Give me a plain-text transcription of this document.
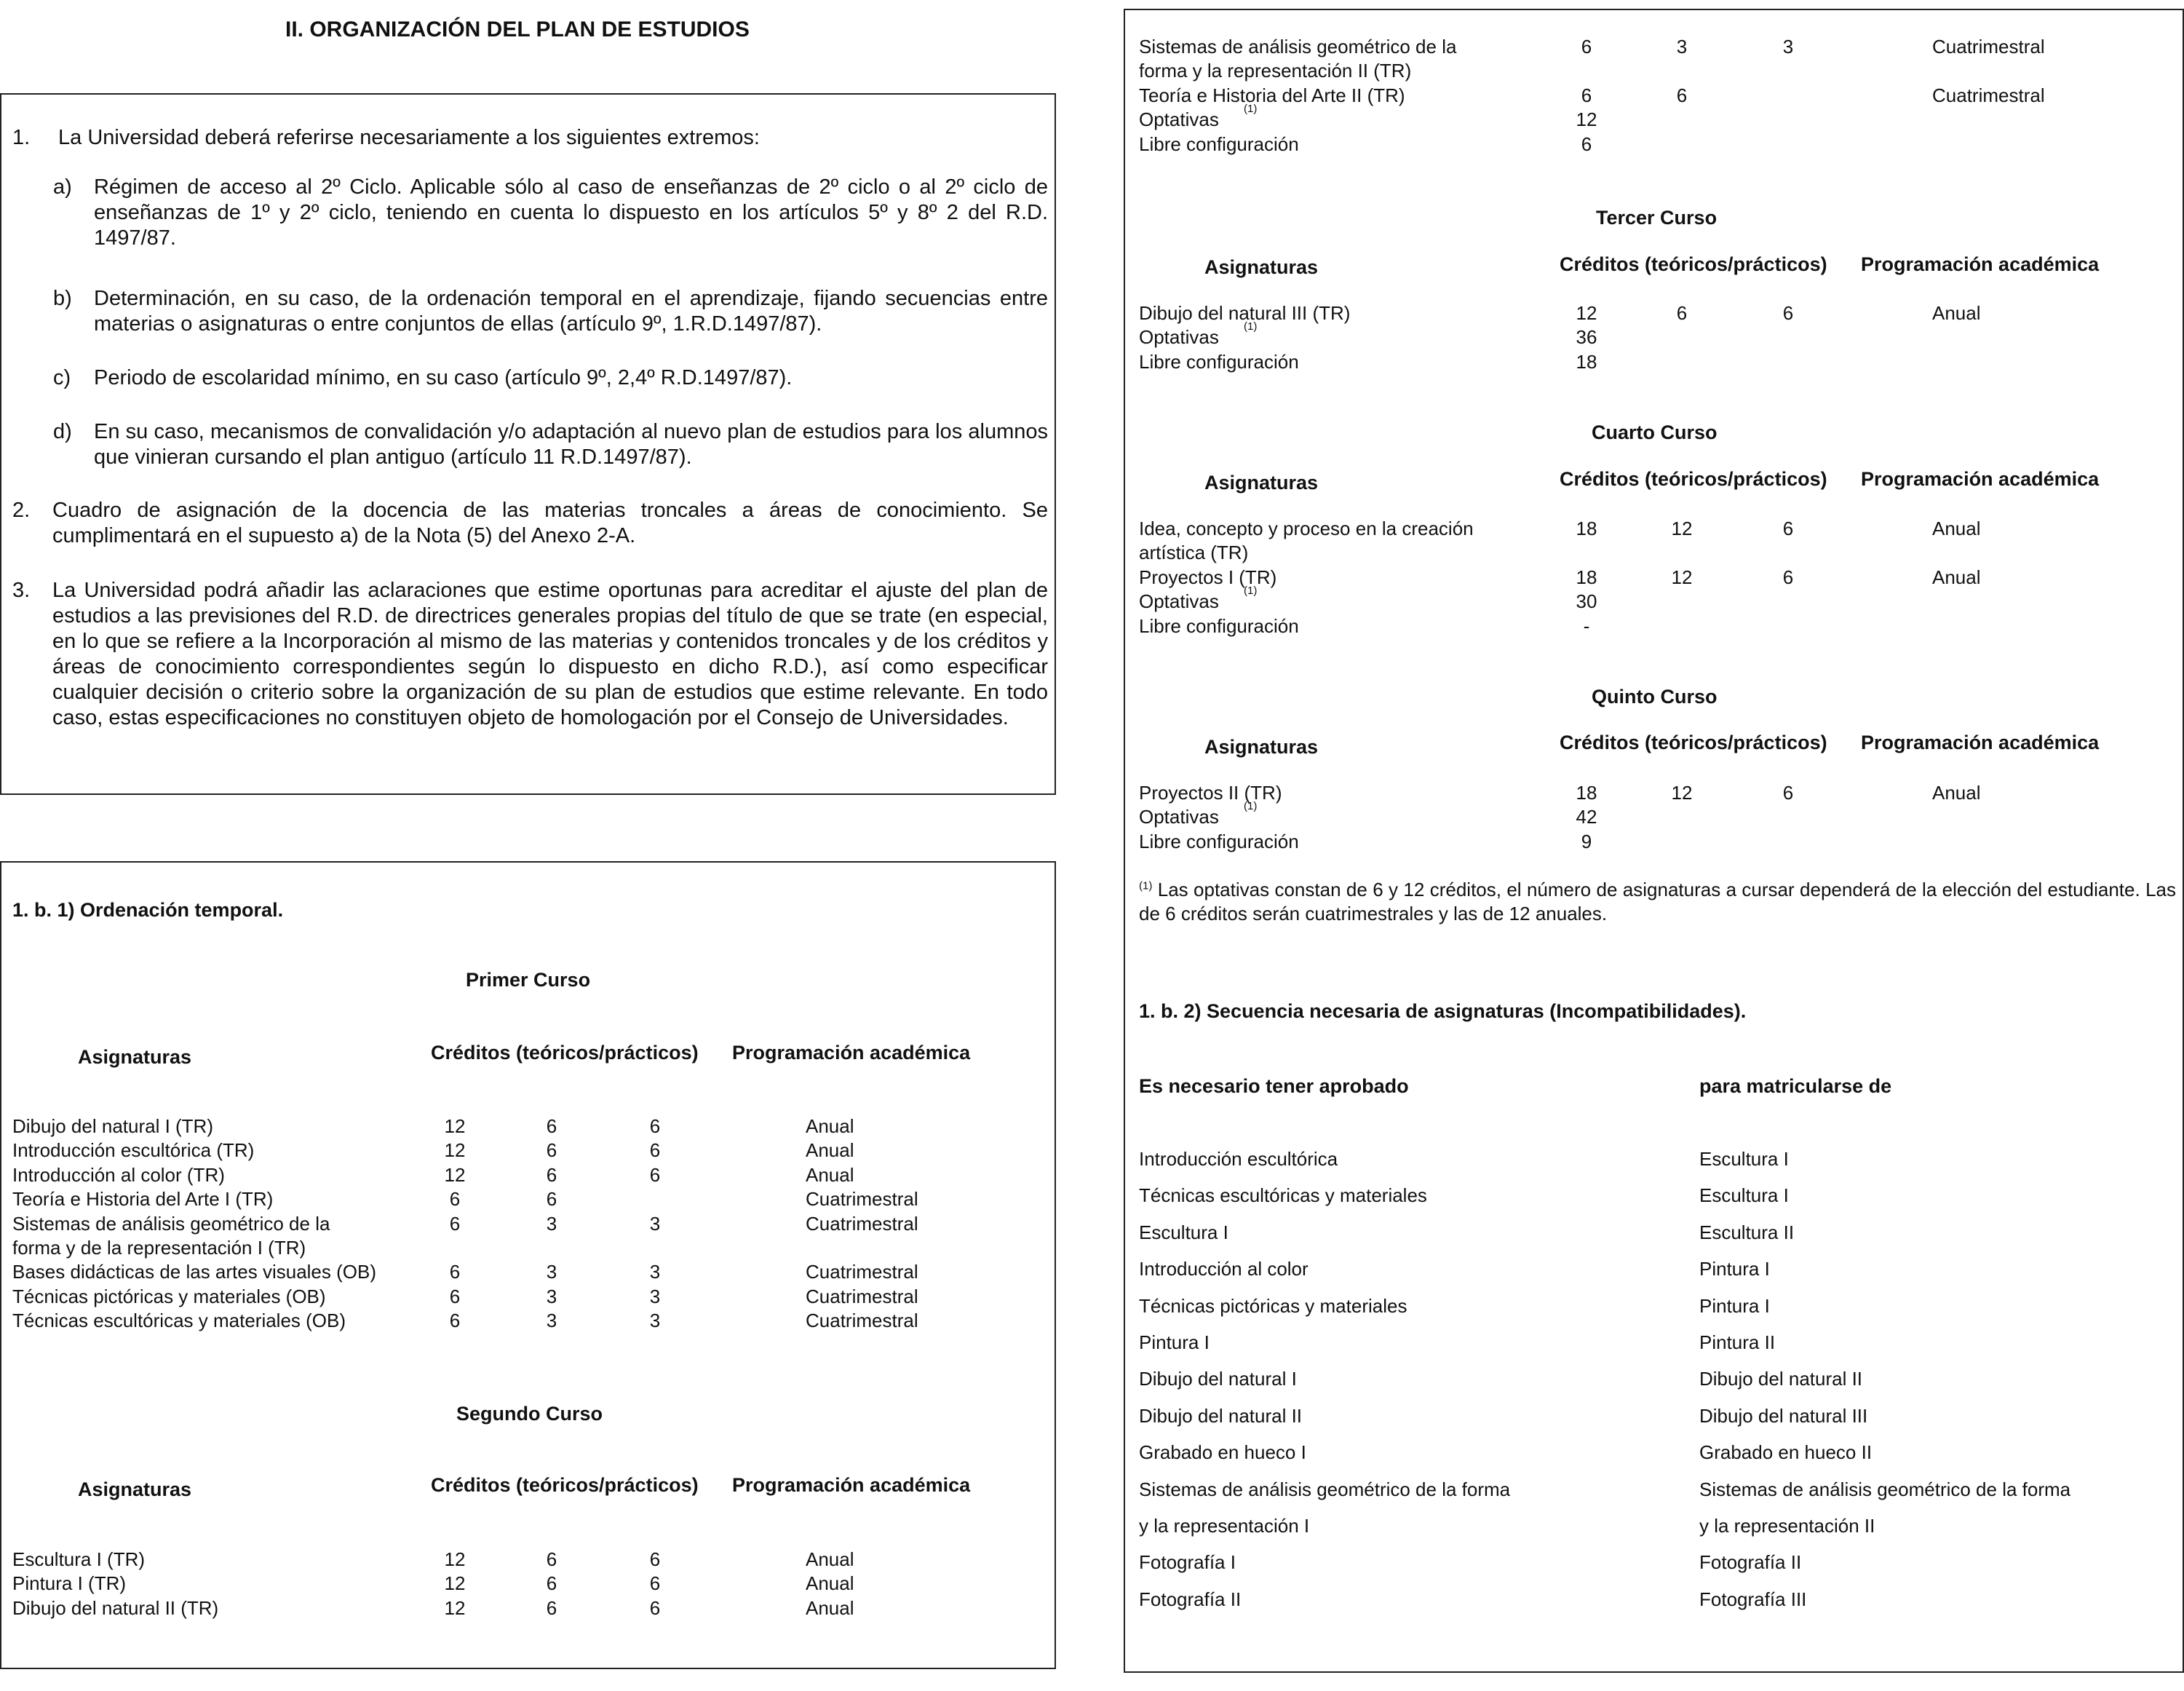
II. ORGANIZACIÓN DEL PLAN DE ESTUDIOS
1. La Universidad deberá referirse necesariamente a los siguientes extremos:
a) Régimen de acceso al 2º Ciclo. Aplicable sólo al caso de enseñanzas de 2º ciclo o al 2º ciclo de enseñanzas de 1º y 2º ciclo, teniendo en cuenta lo dispuesto en los artículos 5º y 8º 2 del R.D. 1497/87.
b) Determinación, en su caso, de la ordenación temporal en el aprendizaje, fijando secuencias entre materias o asignaturas o entre conjuntos de ellas (artículo 9º, 1.R.D.1497/87).
c) Periodo de escolaridad mínimo, en su caso (artículo 9º, 2,4º R.D.1497/87).
d) En su caso, mecanismos de convalidación y/o adaptación al nuevo plan de estudios para los alumnos que vinieran cursando el plan antiguo (artículo 11 R.D.1497/87).
2. Cuadro de asignación de la docencia de las materias troncales a áreas de conocimiento. Se cumplimentará en el supuesto a) de la Nota (5) del Anexo 2-A.
3. La Universidad podrá añadir las aclaraciones que estime oportunas para acreditar el ajuste del plan de estudios a las previsiones del R.D. de directrices generales propias del título de que se trate (en especial, en lo que se refiere a la Incorporación al mismo de las materias y contenidos troncales y de los créditos y áreas de conocimiento correspondientes según lo dispuesto en dicho R.D.), así como especificar cualquier decisión o criterio sobre la organización de su plan de estudios que estime relevante. En todo caso, estas especificaciones no constituyen objeto de homologación por el Consejo de Universidades.
1. b. 1) Ordenación temporal.
Primer Curso
Asignaturas	Créditos (teóricos/prácticos) Programación académica
Dibujo del natural I (TR)	12	6	6	Anual
Introducción escultórica (TR)	12	6	6	Anual
Introducción al color (TR)	12	6	6	Anual
Teoría e Historia del Arte I (TR)	6	6	Cuatrimestral
Sistemas de análisis geométrico de la	6	3	3	Cuatrimestral
forma y de la representación I (TR)
Bases didácticas de las artes visuales (OB)	6	3	3	Cuatrimestral
Técnicas pictóricas y materiales (OB)	6	3	3	Cuatrimestral
Técnicas escultóricas y materiales (OB)	6	3	3	Cuatrimestral
Segundo Curso
Asignaturas	Créditos (teóricos/prácticos) Programación académica
Escultura I (TR)	12	6	6	Anual
Pintura I (TR)	12	6	6	Anual
Dibujo del natural II (TR)	12	6	6	Anual
Sistemas de análisis geométrico de la	6	3	3	Cuatrimestral
forma y la representación II (TR)
Teoría e Historia del Arte II (TR)	6	6	Cuatrimestral
Optativas (1)	12
Libre configuración	6
Tercer Curso
Asignaturas	Créditos (teóricos/prácticos) Programación académica
Dibujo del natural III (TR)	12	6	6	Anual
Optativas (1)	36
Libre configuración	18
Cuarto Curso
Asignaturas	Créditos (teóricos/prácticos) Programación académica
Idea, concepto y proceso en la creación	18	12	6	Anual
artística (TR)
Proyectos I (TR)	18	12	6	Anual
Optativas (1)	30
Libre configuración	-
Quinto Curso
Asignaturas	Créditos (teóricos/prácticos) Programación académica
Proyectos II (TR)	18	12	6	Anual
Optativas (1)	42
Libre configuración	9
$^{(1)}$ Las optativas constan de 6 y 12 créditos, el número de asignaturas a cursar dependerá de la elección del estudiante. Las de 6 créditos serán cuatrimestrales y las de 12 anuales.
1. b. 2) Secuencia necesaria de asignaturas (Incompatibilidades).
Es necesario tener aprobado	para matricularse de
Introducción escultórica	Escultura I
Técnicas escultóricas y materiales	Escultura I
Escultura I	Escultura II
Introducción al color	Pintura I
Técnicas pictóricas y materiales	Pintura I
Pintura I	Pintura II
Dibujo del natural I	Dibujo del natural II
Dibujo del natural II	Dibujo del natural III
Grabado en hueco I	Grabado en hueco II
Sistemas de análisis geométrico de la forma	Sistemas de análisis geométrico de la forma
y la representación I	y la representación II
Fotografía I	Fotografía II
Fotografía II	Fotografía III
